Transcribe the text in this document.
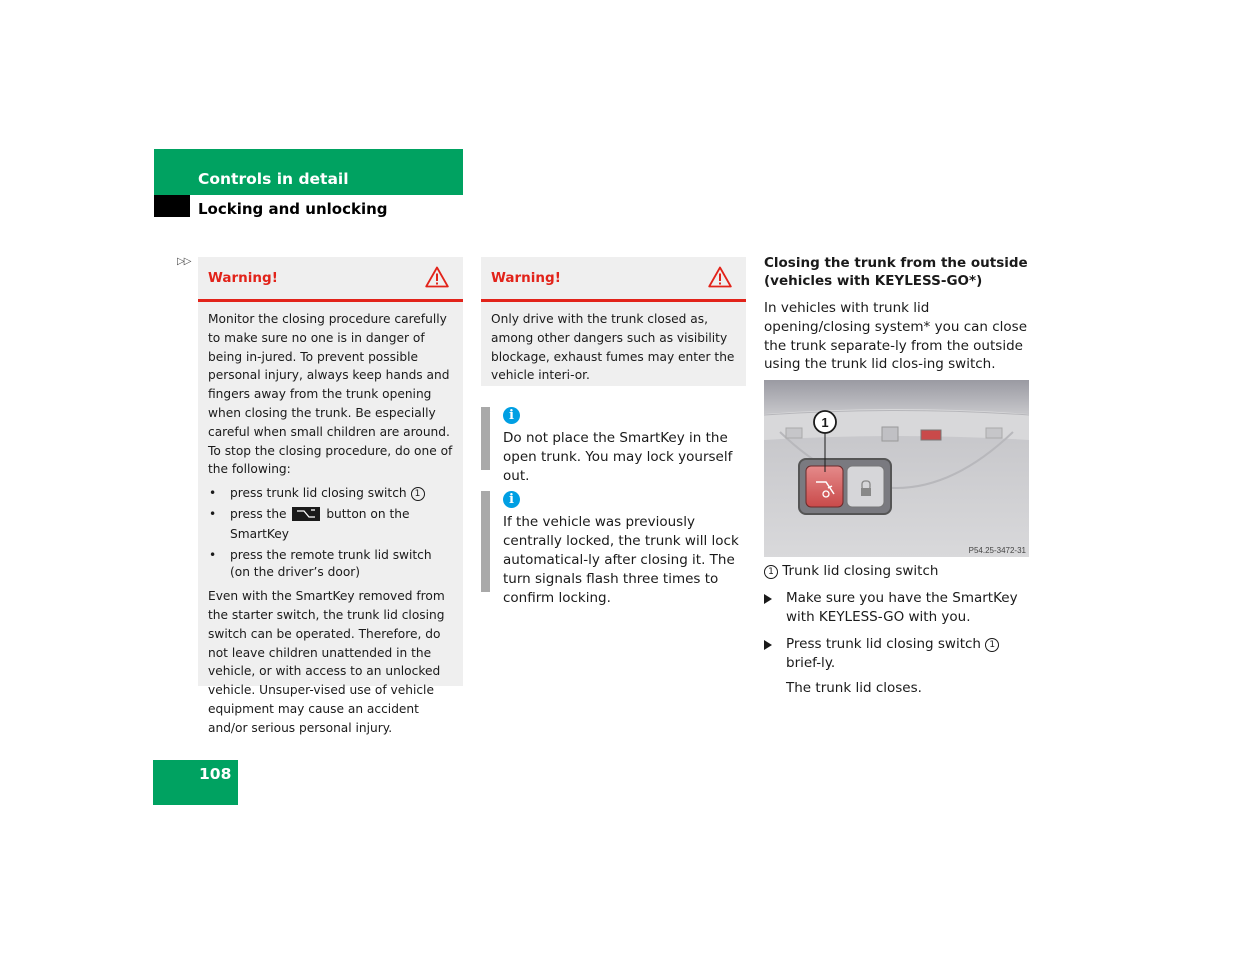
Controls in detail
Locking and unlocking
▷▷
Warning!

Monitor the closing procedure carefully to make sure no one is in danger of being in-jured. To prevent possible personal injury, always keep hands and fingers away from the trunk opening when closing the trunk. Be especially careful when small children are around. To stop the closing procedure, do one of the following:

• press trunk lid closing switch 1
• press the	button on the SmartKey
• press the remote trunk lid switch (on the driver’s door)

Even with the SmartKey removed from the starter switch, the trunk lid closing switch can be operated. Therefore, do not leave children unattended in the vehicle, or with access to an unlocked vehicle. Unsuper-vised use of vehicle equipment may cause an accident and/or serious personal injury.

Warning!

Only drive with the trunk closed as, among other dangers such as visibility blockage, exhaust fumes may enter the vehicle interi-or.

i
Do not place the SmartKey in the open trunk. You may lock yourself out.
i
If the vehicle was previously centrally locked, the trunk will lock automatical-ly after closing it. The turn signals flash three times to confirm locking.
Closing the trunk from the outside (vehicles with KEYLESS-GO*)
In vehicles with trunk lid opening/closing system* you can close the trunk separate-ly from the outside using the trunk lid clos-ing switch.
1
P54.25-3472-31
1 Trunk lid closing switch
Make sure you have the SmartKey with KEYLESS-GO with you.
Press trunk lid closing switch 1 brief-ly.
The trunk lid closes.
108
